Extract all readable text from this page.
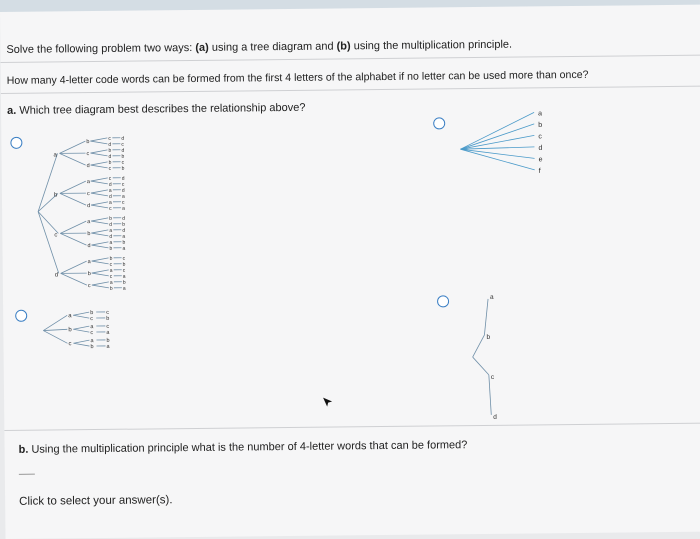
Solve the following problem two ways: (a) using a tree diagram and (b) using the multiplication principle.
How many 4-letter code words can be formed from the first 4 letters of the alphabet if no letter can be used more than once?
a. Which tree diagram best describes the relationship above?
a
b
c d
d c
c
b d
d b
d
b c
c b
b
a
c d
d c
c
a d
d a
d
a c
c a
c
a
b d
d b
b
a d
d a
d
a b
b a
d
a
b c
c b
b
a c
c a
c
a b
b a
a
b
c
d
e
f
a
b c
c b
b
a c
c a
c
a b
b a
a
b
c
d
b. Using the multiplication principle what is the number of 4-letter words that can be formed?
Click to select your answer(s).
